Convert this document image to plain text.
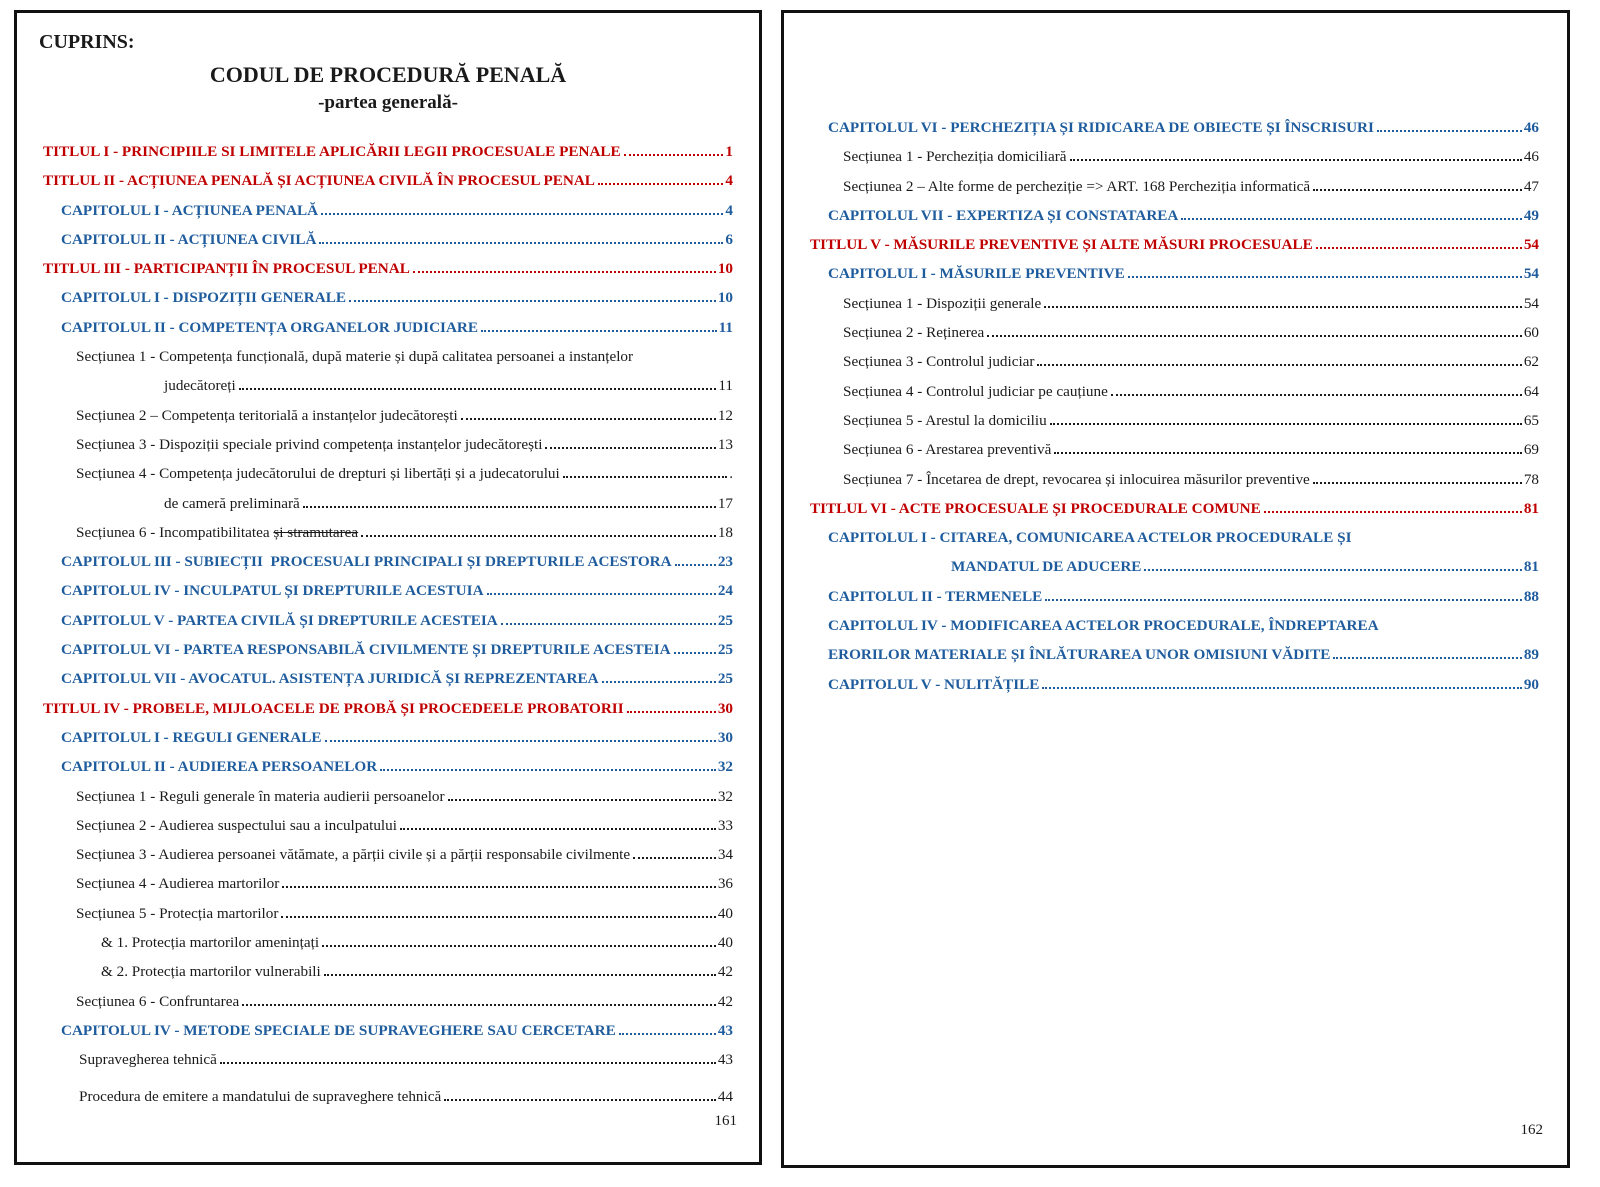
CUPRINS:
CODUL DE PROCEDURĂ PENALĂ
-partea generală-
TITLUL I - PRINCIPIILE SI LIMITELE APLICĂRII LEGII PROCESUALE PENALE	1
TITLUL II - ACȚIUNEA PENALĂ ȘI ACȚIUNEA CIVILĂ ÎN PROCESUL PENAL	4
CAPITOLUL I - ACȚIUNEA PENALĂ	4
CAPITOLUL II - ACȚIUNEA CIVILĂ	6
TITLUL III - PARTICIPANȚII ÎN PROCESUL PENAL	10
CAPITOLUL I - DISPOZIȚII GENERALE	10
CAPITOLUL II - COMPETENȚA ORGANELOR JUDICIARE	11
Secțiunea 1 - Competența funcțională, după materie și după calitatea persoanei a instanțelor
judecătoreți	11
Secțiunea 2 – Competența teritorială a instanțelor judecătorești	12
Secțiunea 3 - Dispoziții speciale privind competența instanțelor judecătorești	13
Secțiunea 4 - Competența judecătorului de drepturi și libertăți și a judecatorului	.
de cameră preliminară	17
Secțiunea 6 - Incompatibilitatea și stramutarea	18
CAPITOLUL III - SUBIECȚII  PROCESUALI PRINCIPALI ȘI DREPTURILE ACESTORA	23
CAPITOLUL IV - INCULPATUL ȘI DREPTURILE ACESTUIA	24
CAPITOLUL V - PARTEA CIVILĂ ȘI DREPTURILE ACESTEIA	25
CAPITOLUL VI - PARTEA RESPONSABILĂ CIVILMENTE ȘI DREPTURILE ACESTEIA	25
CAPITOLUL VII - AVOCATUL. ASISTENȚA JURIDICĂ ȘI REPREZENTAREA	25
TITLUL IV - PROBELE, MIJLOACELE DE PROBĂ ȘI PROCEDEELE PROBATORII	30
CAPITOLUL I - REGULI GENERALE	30
CAPITOLUL II - AUDIEREA PERSOANELOR	32
Secțiunea 1 - Reguli generale în materia audierii persoanelor	32
Secțiunea 2 - Audierea suspectului sau a inculpatului	33
Secțiunea 3 - Audierea persoanei vătămate, a părții civile și a părții responsabile civilmente	34
Secțiunea 4 - Audierea martorilor	36
Secțiunea 5 - Protecția martorilor	40
& 1. Protecția martorilor amenințați	40
& 2. Protecția martorilor vulnerabili	42
Secțiunea 6 - Confruntarea	42
CAPITOLUL IV - METODE SPECIALE DE SUPRAVEGHERE SAU CERCETARE	43
Supravegherea tehnică	43
Procedura de emitere a mandatului de supraveghere tehnică	44
161
CAPITOLUL VI - PERCHEZIȚIA ȘI RIDICAREA DE OBIECTE ȘI ÎNSCRISURI	46
Secțiunea 1 - Percheziția domiciliară	46
Secțiunea 2 – Alte forme de percheziție => ART. 168 Percheziția informatică	47
CAPITOLUL VII - EXPERTIZA ȘI CONSTATAREA	49
TITLUL V - MĂSURILE PREVENTIVE ȘI ALTE MĂSURI PROCESUALE	54
CAPITOLUL I - MĂSURILE PREVENTIVE	54
Secțiunea 1 - Dispoziții generale	54
Secțiunea 2 - Reținerea	60
Secțiunea 3 - Controlul judiciar	62
Secțiunea 4 - Controlul judiciar pe cauțiune	64
Secțiunea 5 - Arestul la domiciliu	65
Secțiunea 6 - Arestarea preventivă	69
Secțiunea 7 - Încetarea de drept, revocarea și inlocuirea măsurilor preventive	78
TITLUL VI - ACTE PROCESUALE ȘI PROCEDURALE COMUNE	81
CAPITOLUL I - CITAREA, COMUNICAREA ACTELOR PROCEDURALE ȘI
MANDATUL DE ADUCERE	81
CAPITOLUL II - TERMENELE	88
CAPITOLUL IV - MODIFICAREA ACTELOR PROCEDURALE, ÎNDREPTAREA
ERORILOR MATERIALE ȘI ÎNLĂTURAREA UNOR OMISIUNI VĂDITE	89
CAPITOLUL V - NULITĂȚILE	90
162
